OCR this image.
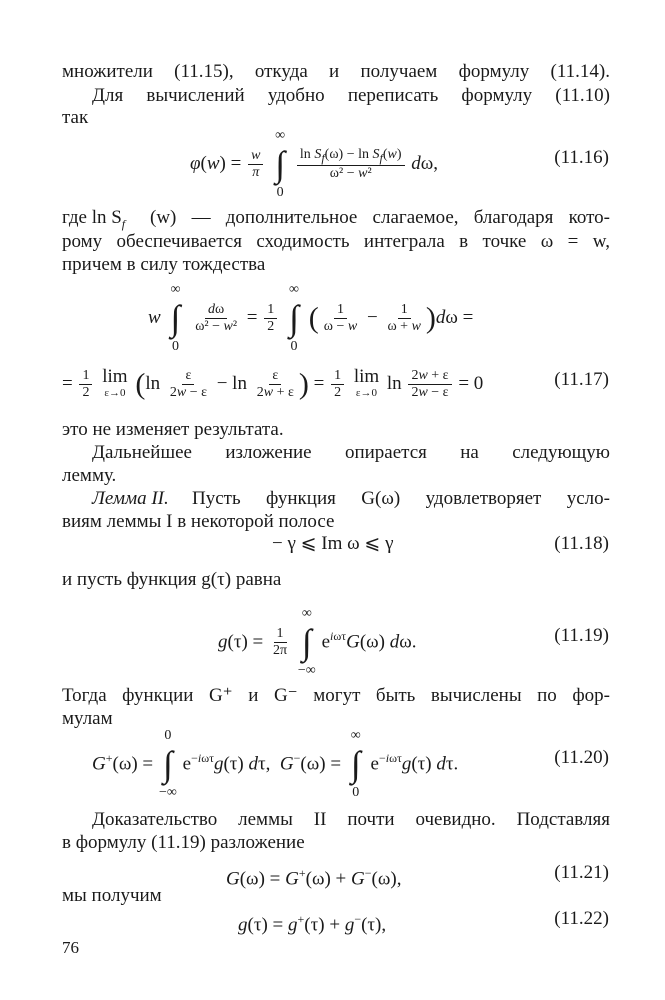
множители (11.15), откуда и получаем формулу (11.14).
Для вычислений удобно переписать формулу (11.10)
так
$\varphi(w) = \frac{w}{\pi}$

∞
∫
0

$\frac{\ln S_f(\omega) - \ln S_f(w)}{\text{ω² − w²}} d\omega$,	(11.16)
где $\ln S_f$ (w) — дополнительное слагаемое, благодаря кото-
рому обеспечивается сходимость интеграла в точке ω = w,
причем в силу тождества
w
∞
∫
0

$\frac{d\omega}{\text{ω² − w²}} = \frac{1}{2}$

∞
∫
0
( $\frac{1}{\omega - w} - \frac{1}{\omega + w} )d\omega$ =
= $\frac{1}{2}$
lim
ε→0 ($\ln \frac{\varepsilon}{2w - \varepsilon} - \ln \frac{\varepsilon}{2w + \varepsilon}$ ) = $\frac{1}{2}$
lim
ε→0 $\ln \frac{2w + \varepsilon}{2w - \varepsilon} = 0$	(11.17)
это не изменяет результата.
Дальнейшее изложение опирается на следующую
лемму.
Лемма II. Пусть функция G(ω) удовлетворяет усло-
виям леммы I в некоторой полосе
− γ ⩽ Im ω ⩽ γ	(11.18)
и пусть функция g(τ) равна
$g(\tau) = \frac{1}{2\pi}$

∞
∫
−∞
$e^{i\omega\tau}G(\omega)$ dω.	(11.19)
Тогда функции G⁺ и G⁻ могут быть вычислены по фор-
мулам
G+(ω) =
0
∫
−∞
$e^{-i\omega\tau}g(\tau)$ dτ,  G−(ω) =
∞
∫
0
$e^{-i\omega\tau}g(\tau)$ dτ.	(11.20)
Доказательство леммы II почти очевидно. Подставляя
в формулу (11.19) разложение
G(ω) = G+(ω) + G−(ω),	(11.21)
мы получим
g(τ) = g+(τ) + g−(τ),	(11.22)
76
